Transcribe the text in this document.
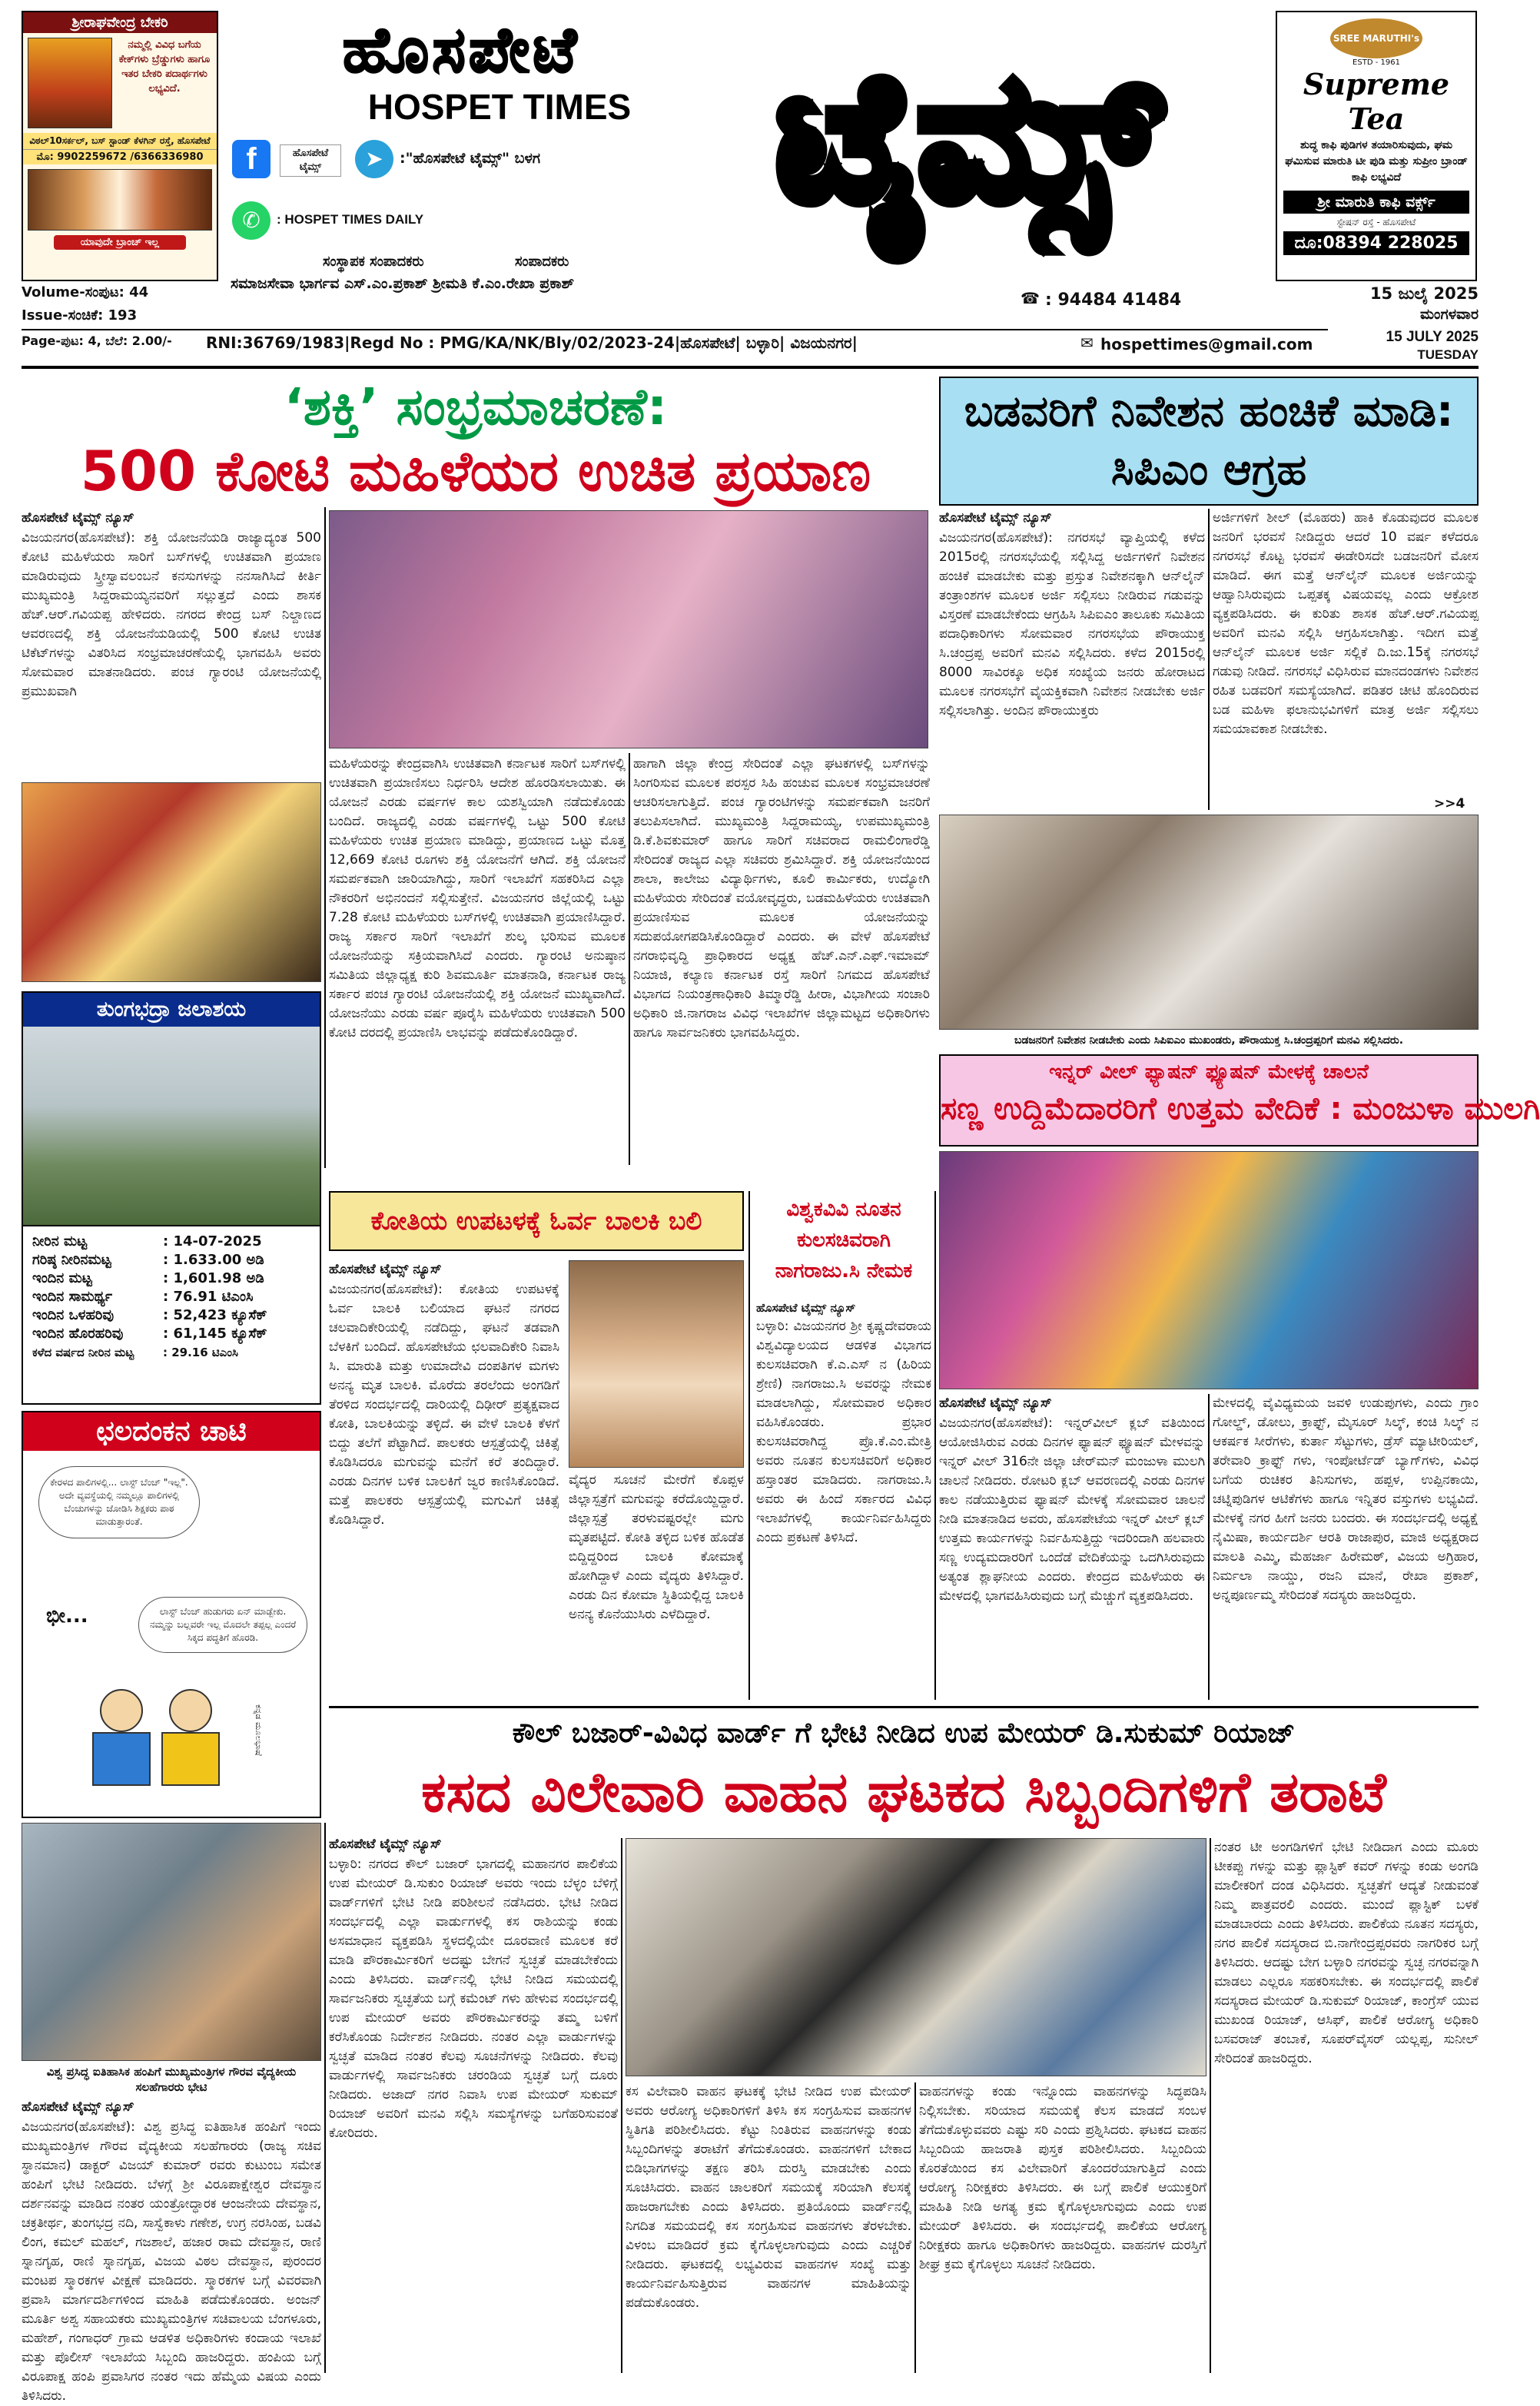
ಶ್ರೀರಾಘವೇಂದ್ರ ಬೇಕರಿ
ನಮ್ಮಲ್ಲಿ ವಿವಿಧ ಬಗೆಯ ಕೇಕ್‌ಗಳು ಬ್ರೆಡ್ಡುಗಳು ಹಾಗೂ ಇತರ ಬೇಕರಿ ಪದಾರ್ಥಗಳು ಲಭ್ಯವಿದೆ.
ವಿಠಲ್‌10ಸರ್ಕಲ್, ಬಸ್ ಸ್ಟಾಂಡ್ ಕೆಳಗಿನ್ ರಸ್ತೆ, ಹೊಸಪೇಟೆ
ಮೊ: 9902259672 /6366336980
ಯಾವುದೇ ಬ್ರಾಂಚ್ ಇಲ್ಲ
ಹೊಸಪೇಟೆ
HOSPET TIMES
f	ಹೊಸಪೇಟೆ ಟೈಮ್ಸ್	➤	:"ಹೊಸಪೇಟೆ ಟೈಮ್ಸ್" ಬಳಗ
✆	: HOSPET TIMES DAILY	ಟೈಮ್ಸ್	SREE MARUTHI's
ESTD - 1961
Supreme Tea
ಶುದ್ಧ ಕಾಫಿ ಪುಡಿಗಳ ತಯಾರಿಸುವುದು, ಘಮ ಘಮಿಸುವ ಮಾರುತಿ ಟೀ ಪುಡಿ ಮತ್ತು ಸುಪ್ರೀಂ ಬ್ರಾಂಡ್ ಕಾಫಿ ಲಭ್ಯವಿದೆ
ಶ್ರೀ ಮಾರುತಿ ಕಾಫಿ ವರ್ಕ್ಸ್
ಸ್ಟೇಷನ್ ರಸ್ತೆ - ಹೊಸಪೇಟೆ
ದೂ:08394 228025
ಸಂಸ್ಥಾಪಕ ಸಂಪಾದಕರು	ಸಂಪಾದಕರು
ಸಮಾಜಸೇವಾ ಭಾರ್ಗವ ಎಸ್.ಎಂ.ಪ್ರಕಾಶ್ ಶ್ರೀಮತಿ ಕೆ.ಎಂ.ರೇಖಾ ಪ್ರಕಾಶ್
☎ : 94484 41484
Volume-ಸಂಪುಟ: 44
Issue-ಸಂಚಿಕೆ: 193
15 ಜುಲೈ 2025
ಮಂಗಳವಾರ
Page-ಪುಟ: 4, ಬೆಲೆ: 2.00/- RNI:36769/1983|Regd No : PMG/KA/NK/Bly/02/2023-24|ಹೊಸಪೇಟೆ| ಬಳ್ಳಾರಿ| ವಿಜಯನಗರ|	✉ hospettimes@gmail.com	15 JULY 2025
TUESDAY
‘ಶಕ್ತಿ’ ಸಂಭ್ರಮಾಚರಣೆ:
500 ಕೋಟಿ ಮಹಿಳೆಯರ ಉಚಿತ ಪ್ರಯಾಣ
ಹೊಸಪೇಟೆ ಟೈಮ್ಸ್ ನ್ಯೂಸ್
ವಿಜಯನಗರ(ಹೊಸಪೇಟೆ): ಶಕ್ತಿ ಯೋಜನೆಯಡಿ ರಾಜ್ಯಾದ್ಯಂತ 500 ಕೋಟಿ ಮಹಿಳೆಯರು ಸಾರಿಗೆ ಬಸ್‌ಗಳಲ್ಲಿ ಉಚಿತವಾಗಿ ಪ್ರಯಾಣ ಮಾಡಿರುವುದು ಸ್ತ್ರೀಸ್ವಾವಲಂಬನೆ ಕನಸುಗಳನ್ನು ನನಸಾಗಿಸಿದೆ ಕೀರ್ತಿ ಮುಖ್ಯಮಂತ್ರಿ ಸಿದ್ದರಾಮಯ್ಯನವರಿಗೆ ಸಲ್ಲುತ್ತದೆ ಎಂದು ಶಾಸಕ ಹೆಚ್.ಆರ್.ಗವಿಯಪ್ಪ ಹೇಳಿದರು. ನಗರದ ಕೇಂದ್ರ ಬಸ್ ನಿಲ್ದಾಣದ ಆವರಣದಲ್ಲಿ ಶಕ್ತಿ ಯೋಜನೆಯಡಿಯಲ್ಲಿ 500 ಕೋಟಿ ಉಚಿತ ಟಿಕೆಟ್‌ಗಳನ್ನು ವಿತರಿಸಿದ ಸಂಭ್ರಮಾಚರಣೆಯಲ್ಲಿ ಭಾಗವಹಿಸಿ ಅವರು ಸೋಮವಾರ ಮಾತನಾಡಿದರು. ಪಂಚ ಗ್ಯಾರಂಟಿ ಯೋಜನೆಯಲ್ಲಿ ಪ್ರಮುಖವಾಗಿ
ಮಹಿಳೆಯರನ್ನು ಕೇಂದ್ರವಾಗಿಸಿ ಉಚಿತವಾಗಿ ಕರ್ನಾಟಕ ಸಾರಿಗೆ ಬಸ್‌ಗಳಲ್ಲಿ ಉಚಿತವಾಗಿ ಪ್ರಯಾಣಿಸಲು ನಿರ್ಧರಿಸಿ ಆದೇಶ ಹೊರಡಿಸಲಾಯಿತು. ಈ ಯೋಜನೆ ಎರಡು ವರ್ಷಗಳ ಕಾಲ ಯಶಸ್ವಿಯಾಗಿ ನಡೆದುಕೊಂಡು ಬಂದಿದೆ. ರಾಜ್ಯದಲ್ಲಿ ಎರಡು ವರ್ಷಗಳಲ್ಲಿ ಒಟ್ಟು 500 ಕೋಟಿ ಮಹಿಳೆಯರು ಉಚಿತ ಪ್ರಯಾಣ ಮಾಡಿದ್ದು, ಪ್ರಯಾಣದ ಒಟ್ಟು ಮೊತ್ತ 12,669 ಕೋಟಿ ರೂಗಳು ಶಕ್ತಿ ಯೋಜನೆಗೆ ಆಗಿದೆ. ಶಕ್ತಿ ಯೋಜನೆ ಸಮರ್ಪಕವಾಗಿ ಜಾರಿಯಾಗಿದ್ದು, ಸಾರಿಗೆ ಇಲಾಖೆಗೆ ಸಹಕರಿಸಿದ ಎಲ್ಲಾ ನೌಕರರಿಗೆ ಅಭಿನಂದನೆ ಸಲ್ಲಿಸುತ್ತೇನೆ. ವಿಜಯನಗರ ಜಿಲ್ಲೆಯಲ್ಲಿ ಒಟ್ಟು 7.28 ಕೋಟಿ ಮಹಿಳೆಯರು ಬಸ್‌ಗಳಲ್ಲಿ ಉಚಿತವಾಗಿ ಪ್ರಯಾಣಿಸಿದ್ದಾರೆ. ರಾಜ್ಯ ಸರ್ಕಾರ ಸಾರಿಗೆ ಇಲಾಖೆಗೆ ಶುಲ್ಕ ಭರಿಸುವ ಮೂಲಕ ಯೋಜನೆಯನ್ನು ಸಕ್ರಿಯವಾಗಿಸಿದೆ ಎಂದರು. ಗ್ಯಾರಂಟಿ ಅನುಷ್ಠಾನ ಸಮಿತಿಯ ಜಿಲ್ಲಾಧ್ಯಕ್ಷ ಕುರಿ ಶಿವಮೂರ್ತಿ ಮಾತನಾಡಿ, ಕರ್ನಾಟಕ ರಾಜ್ಯ ಸರ್ಕಾರ ಪಂಚ ಗ್ಯಾರಂಟಿ ಯೋಜನೆಯಲ್ಲಿ ಶಕ್ತಿ ಯೋಜನೆ ಮುಖ್ಯವಾಗಿದೆ. ಯೋಜನೆಯು ಎರಡು ವರ್ಷ ಪೂರೈಸಿ ಮಹಿಳೆಯರು ಉಚಿತವಾಗಿ 500 ಕೋಟಿ ದರದಲ್ಲಿ ಪ್ರಯಾಣಿಸಿ ಲಾಭವನ್ನು ಪಡೆದುಕೊಂಡಿದ್ದಾರೆ.
ಹಾಗಾಗಿ ಜಿಲ್ಲಾ ಕೇಂದ್ರ ಸೇರಿದಂತೆ ಎಲ್ಲಾ ಘಟಕಗಳಲ್ಲಿ ಬಸ್‌ಗಳನ್ನು ಸಿಂಗರಿಸುವ ಮೂಲಕ ಪರಸ್ಪರ ಸಿಹಿ ಹಂಚುವ ಮೂಲಕ ಸಂಭ್ರಮಾಚರಣೆ ಆಚರಿಸಲಾಗುತ್ತಿದೆ. ಪಂಚ ಗ್ಯಾರಂಟಿಗಳನ್ನು ಸಮರ್ಪಕವಾಗಿ ಜನರಿಗೆ ತಲುಪಿಸಲಾಗಿದೆ. ಮುಖ್ಯಮಂತ್ರಿ ಸಿದ್ದರಾಮಯ್ಯ, ಉಪಮುಖ್ಯಮಂತ್ರಿ ಡಿ.ಕೆ.ಶಿವಕುಮಾರ್ ಹಾಗೂ ಸಾರಿಗೆ ಸಚಿವರಾದ ರಾಮಲಿಂಗಾರೆಡ್ಡಿ ಸೇರಿದಂತೆ ರಾಜ್ಯದ ಎಲ್ಲಾ ಸಚಿವರು ಶ್ರಮಿಸಿದ್ದಾರೆ. ಶಕ್ತಿ ಯೋಜನೆಯಿಂದ ಶಾಲಾ, ಕಾಲೇಜು ವಿದ್ಯಾರ್ಥಿಗಳು, ಕೂಲಿ ಕಾರ್ಮಿಕರು, ಉದ್ಯೋಗಿ ಮಹಿಳೆಯರು ಸೇರಿದಂತೆ ವಯೋವೃದ್ಧರು, ಬಡಮಹಿಳೆಯರು ಉಚಿತವಾಗಿ ಪ್ರಯಾಣಿಸುವ ಮೂಲಕ ಯೋಜನೆಯನ್ನು ಸದುಪಯೋಗಪಡಿಸಿಕೊಂಡಿದ್ದಾರೆ ಎಂದರು. ಈ ವೇಳೆ ಹೊಸಪೇಟೆ ನಗರಾಭಿವೃದ್ಧಿ ಪ್ರಾಧಿಕಾರದ ಅಧ್ಯಕ್ಷ ಹೆಚ್.ಎನ್.ಎಫ್.ಇಮಾಮ್ ನಿಯಾಜಿ, ಕಲ್ಯಾಣ ಕರ್ನಾಟಕ ರಸ್ತೆ ಸಾರಿಗೆ ನಿಗಮದ ಹೊಸಪೇಟೆ ವಿಭಾಗದ ನಿಯಂತ್ರಣಾಧಿಕಾರಿ ತಿಮ್ಮಾರೆಡ್ಡಿ ಹೀರಾ, ವಿಭಾಗೀಯ ಸಂಚಾರಿ ಅಧಿಕಾರಿ ಜಿ.ನಾಗರಾಜ ವಿವಿಧ ಇಲಾಖೆಗಳ ಜಿಲ್ಲಾಮಟ್ಟದ ಅಧಿಕಾರಿಗಳು ಹಾಗೂ ಸಾರ್ವಜನಿಕರು ಭಾಗವಹಿಸಿದ್ದರು.
ತುಂಗಭದ್ರಾ ಜಲಾಶಯ
ನೀರಿನ ಮಟ್ಟ	: 14-07-2025
ಗರಿಷ್ಠ ನೀರಿನಮಟ್ಟ	: 1.633.00 ಅಡಿ
ಇಂದಿನ ಮಟ್ಟ	: 1,601.98 ಅಡಿ
ಇಂದಿನ ಸಾಮರ್ಥ್ಯ	: 76.91 ಟಿಎಂಸಿ
ಇಂದಿನ ಒಳಹರಿವು	: 52,423 ಕ್ಯೂಸೆಕ್
ಇಂದಿನ ಹೊರಹರಿವು	: 61,145 ಕ್ಯೂಸೆಕ್
ಕಳೆದ ವರ್ಷದ ನೀರಿನ ಮಟ್ಟ	: 29.16 ಟಿಎಂಸಿ
ಛಲದಂಕನ ಚಾಟಿ
ಕೇರಳದ ಪಾಲಿಗಳಲ್ಲಿ... ಲಾಸ್ಟ್ ಬೆಂಚ್ "ಇಲ್ಲ". ಅದೇ ವ್ಯವಸ್ಥೆಯಲ್ಲಿ ನಮ್ಮಲ್ಲೂ ಪಾಲಿಗಳಲ್ಲಿ ಬೆಂಚುಗಳನ್ನು ಜೋಡಿಸಿ ಶಿಕ್ಷಕರು ಪಾಠ ಮಾಡುತ್ತಾರಂತೆ.
ಭೀ...	ಲಾಸ್ಟ್ ಬೆಂಚ್ ಹುಡುಗರು ಏನ್ ಮಾಡ್ಬೇಕು. ನಮ್ಮನ್ನು ಬಲ್ಲವರೇ ಇಲ್ಲ ಮೊದಲೇ ತಪ್ಪಲ್ಲ ಎಂದರೆ ಸಿಕ್ಕದ ಪದ್ಧತಿಗೆ ಹೊರಡಿ.
ಕನ್ನಡ ಮೂಲಭಾಷೆ
ವಿಶ್ವ ಪ್ರಸಿದ್ಧ ಐತಿಹಾಸಿಕ ಹಂಪಿಗೆ ಮುಖ್ಯಮಂತ್ರಿಗಳ ಗೌರವ ವೈದ್ಯಕೀಯ ಸಲಹೆಗಾರರು ಭೇಟಿ
ಹೊಸಪೇಟೆ ಟೈಮ್ಸ್ ನ್ಯೂಸ್
ವಿಜಯನಗರ(ಹೊಸಪೇಟೆ): ವಿಶ್ವ ಪ್ರಸಿದ್ಧ ಐತಿಹಾಸಿಕ ಹಂಪಿಗೆ ಇಂದು ಮುಖ್ಯಮಂತ್ರಿಗಳ ಗೌರವ ವೈದ್ಯಕೀಯ ಸಲಹೆಗಾರರು (ರಾಜ್ಯ ಸಚಿವ ಸ್ಥಾನಮಾನ) ಡಾಕ್ಟರ್ ವಿಜಯ್ ಕುಮಾರ್ ರವರು ಕುಟುಂಬ ಸಮೇತ ಹಂಪಿಗೆ ಭೇಟಿ ನೀಡಿದರು. ಬೆಳಗ್ಗೆ ಶ್ರೀ ವಿರೂಪಾಕ್ಷೇಶ್ವರ ದೇವಸ್ಥಾನ ದರ್ಶನವನ್ನು ಮಾಡಿದ ನಂತರ ಯಂತ್ರೋದ್ಧಾರಕ ಆಂಜನೇಯ ದೇವಸ್ಥಾನ, ಚಕ್ರತೀರ್ಥ, ತುಂಗಭದ್ರ ನದಿ, ಸಾಸ್ವೆಕಾಳು ಗಣೇಶ, ಉಗ್ರ ನರಸಿಂಹ, ಬಡವಿ ಲಿಂಗ, ಕಮಲ್ ಮಹಲ್, ಗಜಶಾಲೆ, ಹಜಾರ ರಾಮ ದೇವಸ್ಥಾನ, ರಾಣಿ ಸ್ನಾನಗೃಹ, ರಾಣಿ ಸ್ನಾನಗೃಹ, ವಿಜಯ ವಿಠಲ ದೇವಸ್ಥಾನ, ಪುರಂದರ ಮಂಟಪ ಸ್ಮಾರಕಗಳ ವೀಕ್ಷಣೆ ಮಾಡಿದರು. ಸ್ಮಾರಕಗಳ ಬಗ್ಗೆ ವಿವರವಾಗಿ ಪ್ರವಾಸಿ ಮಾರ್ಗದರ್ಶಿಗಳಿಂದ ಮಾಹಿತಿ ಪಡೆದುಕೊಂಡರು. ಅಂಜನ್ ಮೂರ್ತಿ ಅಶ್ವ ಸಹಾಯಕರು ಮುಖ್ಯಮಂತ್ರಿಗಳ ಸಚಿವಾಲಯ ಬೆಂಗಳೂರು, ಮಹೇಶ್, ಗಂಗಾಧರ್ ಗ್ರಾಮ ಆಡಳಿತ ಅಧಿಕಾರಿಗಳು ಕಂದಾಯ ಇಲಾಖೆ ಮತ್ತು ಪೊಲೀಸ್ ಇಲಾಖೆಯ ಸಿಬ್ಬಂದಿ ಹಾಜರಿದ್ದರು. ಹಂಪಿಯ ಬಗ್ಗೆ ವಿರೂಪಾಕ್ಷ ಹಂಪಿ ಪ್ರವಾಸಿಗರ ನಂತರ ಇದು ಹೆಮ್ಮೆಯ ವಿಷಯ ಎಂದು ತಿಳಿಸಿದರು.
ಬಡವರಿಗೆ ನಿವೇಶನ ಹಂಚಿಕೆ ಮಾಡಿ: ಸಿಪಿಎಂ ಆಗ್ರಹ
ಹೊಸಪೇಟೆ ಟೈಮ್ಸ್ ನ್ಯೂಸ್
ವಿಜಯನಗರ(ಹೊಸಪೇಟೆ): ನಗರಸಭೆ ವ್ಯಾಪ್ತಿಯಲ್ಲಿ ಕಳೆದ 2015ರಲ್ಲಿ ನಗರಸಭೆಯಲ್ಲಿ ಸಲ್ಲಿಸಿದ್ದ ಅರ್ಜಿಗಳಿಗೆ ನಿವೇಶನ ಹಂಚಿಕೆ ಮಾಡಬೇಕು ಮತ್ತು ಪ್ರಸ್ತುತ ನಿವೇಶನಕ್ಕಾಗಿ ಆನ್‌ಲೈನ್ ತಂತ್ರಾಂಶಗಳ ಮೂಲಕ ಅರ್ಜಿ ಸಲ್ಲಿಸಲು ನೀಡಿರುವ ಗಡುವನ್ನು ವಿಸ್ತರಣೆ ಮಾಡಬೇಕೆಂದು ಆಗ್ರಹಿಸಿ ಸಿಪಿಐಎಂ ತಾಲೂಕು ಸಮಿತಿಯ ಪದಾಧಿಕಾರಿಗಳು ಸೋಮವಾರ ನಗರಸಭೆಯ ಪೌರಾಯುಕ್ತ ಸಿ.ಚಂದ್ರಪ್ಪ ಅವರಿಗೆ ಮನವಿ ಸಲ್ಲಿಸಿದರು. ಕಳೆದ 2015ರಲ್ಲಿ 8000 ಸಾವಿರಕ್ಕೂ ಅಧಿಕ ಸಂಖ್ಯೆಯ ಜನರು ಹೋರಾಟದ ಮೂಲಕ ನಗರಸಭೆಗೆ ವೈಯಕ್ತಿಕವಾಗಿ ನಿವೇಶನ ನೀಡಬೇಕು ಅರ್ಜಿ ಸಲ್ಲಿಸಲಾಗಿತ್ತು. ಅಂದಿನ ಪೌರಾಯುಕ್ತರು
ಅರ್ಜಿಗಳಿಗೆ ಶೀಲ್ (ಮೊಹರು) ಹಾಕಿ ಕೊಡುವುದರ ಮೂಲಕ ಜನರಿಗೆ ಭರವಸೆ ನೀಡಿದ್ದರು ಆದರೆ 10 ವರ್ಷ ಕಳೆದರೂ ನಗರಸಭೆ ಕೊಟ್ಟ ಭರವಸೆ ಈಡೇರಿಸದೇ ಬಡಜನರಿಗೆ ಮೋಸ ಮಾಡಿದೆ. ಈಗ ಮತ್ತೆ ಆನ್‌ಲೈನ್ ಮೂಲಕ ಅರ್ಜಿಯನ್ನು ಆಹ್ವಾನಿಸಿರುವುದು ಒಪ್ಪತಕ್ಕ ವಿಷಯವಲ್ಲ ಎಂದು ಆಕ್ರೋಶ ವ್ಯಕ್ತಪಡಿಸಿದರು. ಈ ಕುರಿತು ಶಾಸಕ ಹೆಚ್.ಆರ್.ಗವಿಯಪ್ಪ ಅವರಿಗೆ ಮನವಿ ಸಲ್ಲಿಸಿ ಆಗ್ರಹಿಸಲಾಗಿತ್ತು. ಇದೀಗ ಮತ್ತೆ ಆನ್‌ಲೈನ್ ಮೂಲಕ ಅರ್ಜಿ ಸಲ್ಲಿಕೆ ದಿ.ಜು.15ಕ್ಕೆ ನಗರಸಭೆ ಗಡುವು ನೀಡಿದೆ. ನಗರಸಭೆ ವಿಧಿಸಿರುವ ಮಾನದಂಡಗಳು ನಿವೇಶನ ರಹಿತ ಬಡವರಿಗೆ ಸಮಸ್ಯೆಯಾಗಿದೆ. ಪಡಿತರ ಚೀಟಿ ಹೊಂದಿರುವ ಬಡ ಮಹಿಳಾ ಫಲಾನುಭವಿಗಳಿಗೆ ಮಾತ್ರ ಅರ್ಜಿ ಸಲ್ಲಿಸಲು ಸಮಯಾವಕಾಶ ನೀಡಬೇಕು.
>>4
ಬಡಜನರಿಗೆ ನಿವೇಶನ ನೀಡಬೇಕು ಎಂದು ಸಿಪಿಐಎಂ ಮುಖಂಡರು, ಪೌರಾಯುಕ್ತ ಸಿ.ಚಂದ್ರಪ್ಪರಿಗೆ ಮನವಿ ಸಲ್ಲಿಸಿದರು.
ಇನ್ನರ್ ವೀಲ್ ಫ್ಯಾಷನ್ ಫ್ಯೂಷನ್ ಮೇಳಕ್ಕೆ ಚಾಲನೆ
ಸಣ್ಣ ಉದ್ದಿಮೆದಾರರಿಗೆ ಉತ್ತಮ ವೇದಿಕೆ : ಮಂಜುಳಾ ಮುಲಗಿ
ಹೊಸಪೇಟೆ ಟೈಮ್ಸ್ ನ್ಯೂಸ್
ವಿಜಯನಗರ(ಹೊಸಪೇಟೆ): ಇನ್ನರ್‌ವೀಲ್ ಕ್ಲಬ್ ವತಿಯಿಂದ ಆಯೋಜಿಸಿರುವ ಎರಡು ದಿನಗಳ ಫ್ಯಾಷನ್ ಫ್ಯೂಷನ್ ಮೇಳವನ್ನು ಇನ್ನರ್ ವೀಲ್ 316ನೇ ಜಿಲ್ಲಾ ಚೇರ್‌ಮನ್ ಮಂಜುಳಾ ಮುಲಗಿ ಚಾಲನೆ ನೀಡಿದರು. ರೋಟರಿ ಕ್ಲಬ್ ಆವರಣದಲ್ಲಿ ಎರಡು ದಿನಗಳ ಕಾಲ ನಡೆಯುತ್ತಿರುವ ಫ್ಯಾಷನ್ ಮೇಳಕ್ಕೆ ಸೋಮವಾರ ಚಾಲನೆ ನೀಡಿ ಮಾತನಾಡಿದ ಅವರು, ಹೊಸಪೇಟೆಯ ಇನ್ನರ್ ವೀಲ್ ಕ್ಲಬ್ ಉತ್ತಮ ಕಾರ್ಯಗಳನ್ನು ನಿರ್ವಹಿಸುತ್ತಿದ್ದು ಇದರಿಂದಾಗಿ ಹಲವಾರು ಸಣ್ಣ ಉದ್ಯಮದಾರರಿಗೆ ಒಂದೆಡೆ ವೇದಿಕೆಯನ್ನು ಒದಗಿಸಿರುವುದು ಅತ್ಯಂತ ಶ್ಲಾಘನೀಯ ಎಂದರು. ಕೇಂದ್ರದ ಮಹಿಳೆಯರು ಈ ಮೇಳದಲ್ಲಿ ಭಾಗವಹಿಸಿರುವುದು ಬಗ್ಗೆ ಮೆಚ್ಚುಗೆ ವ್ಯಕ್ತಪಡಿಸಿದರು.
ಮೇಳದಲ್ಲಿ ವೈವಿಧ್ಯಮಯ ಜವಳಿ ಉಡುಪುಗಳು, ಎಂದು ಗ್ರಾಂ ಗೋಲ್ಡ್, ಡೋಲು, ಕ್ರಾಫ್ಟ್, ಮೈಸೂರ್ ಸಿಲ್ಕ್, ಕಂಚಿ ಸಿಲ್ಕ್ ನ ಆಕರ್ಷಕ ಸೀರೆಗಳು, ಕುರ್ತಾ ಸೆಟ್ಟುಗಳು, ಡ್ರೆಸ್ ಮ್ಯಾಟೀರಿಯಲ್, ತರೇವಾರಿ ಕ್ರಾಫ್ಟ್ ಗಳು, ಇಂಪೋರ್ಟೆಡ್ ಬ್ಯಾಗ್‌ಗಳು, ವಿವಿಧ ಬಗೆಯ ರುಚಿಕರ ತಿನಿಸುಗಳು, ಹಪ್ಪಳ, ಉಪ್ಪಿನಕಾಯಿ, ಚಟ್ನಿಪುಡಿಗಳ ಆಟಿಕೆಗಳು ಹಾಗೂ ಇನ್ನಿತರ ವಸ್ತುಗಳು ಲಭ್ಯವಿದೆ. ಮೇಳಕ್ಕೆ ನಗರ ಹೀಗೆ ಜನರು ಬಂದರು. ಈ ಸಂದರ್ಭದಲ್ಲಿ ಅಧ್ಯಕ್ಷೆ ನೈಮಿಷಾ, ಕಾರ್ಯದರ್ಶಿ ಆರತಿ ರಾಜಾಪುರ, ಮಾಜಿ ಅಧ್ಯಕ್ಷರಾದ ಮಾಲತಿ ಎಮ್ಮಿ, ಮೆಹರ್ಜಾ ಹಿರೇಮಠ್, ವಿಜಯ ಅಗ್ರಿಹಾರ, ನಿರ್ಮಲಾ ನಾಯ್ಡು, ರಜನಿ ಮಾನೆ, ರೇಖಾ ಪ್ರಕಾಶ್, ಅನ್ನಪೂರ್ಣಮ್ಮ ಸೇರಿದಂತೆ ಸದಸ್ಯರು ಹಾಜರಿದ್ದರು.
ಕೋತಿಯ ಉಪಟಳಕ್ಕೆ ಓರ್ವ ಬಾಲಕಿ ಬಲಿ
ಹೊಸಪೇಟೆ ಟೈಮ್ಸ್ ನ್ಯೂಸ್
ವಿಜಯನಗರ(ಹೊಸಪೇಟೆ): ಕೋತಿಯ ಉಪಟಳಕ್ಕೆ ಓರ್ವ ಬಾಲಕಿ ಬಲಿಯಾದ ಘಟನೆ ನಗರದ ಚಲವಾದಿಕೇರಿಯಲ್ಲಿ ನಡೆದಿದ್ದು, ಘಟನೆ ತಡವಾಗಿ ಬೆಳಕಿಗೆ ಬಂದಿದೆ. ಹೊಸಪೇಟೆಯ ಛಲವಾದಿಕೇರಿ ನಿವಾಸಿ ಸಿ. ಮಾರುತಿ ಮತ್ತು ಉಮಾದೇವಿ ದಂಪತಿಗಳ ಮಗಳು ಅನನ್ಯ ಮೃತ ಬಾಲಕಿ. ಮೊರೆದು ತರಲೆಂದು ಅಂಗಡಿಗೆ ತೆರಳಿದ ಸಂದರ್ಭದಲ್ಲಿ ದಾರಿಯಲ್ಲಿ ದಿಢೀರ್ ಪ್ರತ್ಯಕ್ಷವಾದ ಕೋತಿ, ಬಾಲಕಿಯನ್ನು ತಳ್ಳಿದೆ. ಈ ವೇಳೆ ಬಾಲಕಿ ಕೆಳಗೆ ಬಿದ್ದು ತಲೆಗೆ ಪೆಟ್ಟಾಗಿದೆ. ಪಾಲಕರು ಆಸ್ಪತ್ರೆಯಲ್ಲಿ ಚಿಕಿತ್ಸೆ ಕೊಡಿಸಿದರೂ ಮಗುವನ್ನು ಮನೆಗೆ ಕರೆ ತಂದಿದ್ದಾರೆ. ಎರಡು ದಿನಗಳ ಬಳಿಕ ಬಾಲಕಿಗೆ ಜ್ವರ ಕಾಣಿಸಿಕೊಂಡಿದೆ. ಮತ್ತೆ ಪಾಲಕರು ಆಸ್ಪತ್ರೆಯಲ್ಲಿ ಮಗುವಿಗೆ ಚಿಕಿತ್ಸೆ ಕೊಡಿಸಿದ್ದಾರೆ.
ವೈದ್ಯರ ಸೂಚನೆ ಮೇರೆಗೆ ಕೊಪ್ಪಳ ಜಿಲ್ಲಾಸ್ಪತ್ರೆಗೆ ಮಗುವನ್ನು ಕರೆದೊಯ್ದಿದ್ದಾರೆ. ಜಿಲ್ಲಾಸ್ಪತ್ರೆ ತರಳುವಷ್ಟರಲ್ಲೇ ಮಗು ಮೃತಪಟ್ಟಿದೆ. ಕೋತಿ ತಳ್ಳಿದ ಬಳಿಕ ಹೊಡೆತ ಬಿದ್ದಿದ್ದರಿಂದ ಬಾಲಕಿ ಕೋಮಾಕ್ಕೆ ಹೋಗಿದ್ದಾಳೆ ಎಂದು ವೈದ್ಯರು ತಿಳಿಸಿದ್ದಾರೆ. ಎರಡು ದಿನ ಕೋಮಾ ಸ್ಥಿತಿಯಲ್ಲಿದ್ದ ಬಾಲಕಿ ಅನನ್ಯ ಕೊನೆಯುಸಿರು ಎಳೆದಿದ್ದಾರೆ.
ವಿಶ್ವಕವಿವಿ ನೂತನ ಕುಲಸಚಿವರಾಗಿ ನಾಗರಾಜು.ಸಿ ನೇಮಕ
ಹೊಸಪೇಟೆ ಟೈಮ್ಸ್ ನ್ಯೂಸ್
ಬಳ್ಳಾರಿ: ವಿಜಯನಗರ ಶ್ರೀ ಕೃಷ್ಣದೇವರಾಯ ವಿಶ್ವವಿದ್ಯಾಲಯದ ಆಡಳಿತ ವಿಭಾಗದ ಕುಲಸಚಿವರಾಗಿ ಕೆ.ಎ.ಎಸ್ ನ (ಹಿರಿಯ ಶ್ರೇಣಿ) ನಾಗರಾಜು.ಸಿ ಅವರನ್ನು ನೇಮಕ ಮಾಡಲಾಗಿದ್ದು, ಸೋಮವಾರ ಅಧಿಕಾರ ವಹಿಸಿಕೊಂಡರು. ಪ್ರಭಾರ ಕುಲಸಚಿವರಾಗಿದ್ದ ಪ್ರೊ.ಕೆ.ಎಂ.ಮೇತ್ರಿ ಅವರು ನೂತನ ಕುಲಸಚಿವರಿಗೆ ಅಧಿಕಾರ ಹಸ್ತಾಂತರ ಮಾಡಿದರು. ನಾಗರಾಜು.ಸಿ ಅವರು ಈ ಹಿಂದೆ ಸರ್ಕಾರದ ವಿವಿಧ ಇಲಾಖೆಗಳಲ್ಲಿ ಕಾರ್ಯನಿರ್ವಹಿಸಿದ್ದರು ಎಂದು ಪ್ರಕಟಣೆ ತಿಳಿಸಿದೆ.
ಕೌಲ್ ಬಜಾರ್-ವಿವಿಧ ವಾರ್ಡ್ ಗೆ ಭೇಟಿ ನೀಡಿದ ಉಪ ಮೇಯರ್ ಡಿ.ಸುಕುಮ್ ರಿಯಾಜ್
ಕಸದ ವಿಲೇವಾರಿ ವಾಹನ ಘಟಕದ ಸಿಬ್ಬಂದಿಗಳಿಗೆ ತರಾಟೆ
ಹೊಸಪೇಟೆ ಟೈಮ್ಸ್ ನ್ಯೂಸ್
ಬಳ್ಳಾರಿ: ನಗರದ ಕೌಲ್ ಬಜಾರ್ ಭಾಗದಲ್ಲಿ ಮಹಾನಗರ ಪಾಲಿಕೆಯ ಉಪ ಮೇಯರ್ ಡಿ.ಸುಕುಂ ರಿಯಾಜ್ ಅವರು ಇಂದು ಬೆಳ್ಳಂ ಬೆಳಿಗ್ಗೆ ವಾರ್ಡ್‌ಗಳಿಗೆ ಭೇಟಿ ನೀಡಿ ಪರಿಶೀಲನೆ ನಡೆಸಿದರು. ಭೇಟಿ ನೀಡಿದ ಸಂದರ್ಭದಲ್ಲಿ ಎಲ್ಲಾ ವಾರ್ಡುಗಳಲ್ಲಿ ಕಸ ರಾಶಿಯನ್ನು ಕಂಡು ಅಸಮಾಧಾನ ವ್ಯಕ್ತಪಡಿಸಿ ಸ್ಥಳದಲ್ಲಿಯೇ ದೂರವಾಣಿ ಮೂಲಕ ಕರೆ ಮಾಡಿ ಪೌರಕಾರ್ಮಿಕರಿಗೆ ಅದಷ್ಟು ಬೇಗನೆ ಸ್ವಚ್ಛತೆ ಮಾಡಬೇಕೆಂದು ಎಂದು ತಿಳಿಸಿದರು. ವಾರ್ಡ್‌ನಲ್ಲಿ ಭೇಟಿ ನೀಡಿದ ಸಮಯದಲ್ಲಿ ಸಾರ್ವಜನಿಕರು ಸ್ವಚ್ಛತೆಯ ಬಗ್ಗೆ ಕಮೆಂಟ್ ಗಳು ಹೇಳುವ ಸಂದರ್ಭದಲ್ಲಿ ಉಪ ಮೇಯರ್ ಅವರು ಪೌರಕಾರ್ಮಿಕರನ್ನು ತಮ್ಮ ಬಳಿಗೆ ಕರೆಸಿಕೊಂಡು ನಿರ್ದೇಶನ ನೀಡಿದರು. ನಂತರ ಎಲ್ಲಾ ವಾರ್ಡುಗಳನ್ನು ಸ್ವಚ್ಛತೆ ಮಾಡಿದ ನಂತರ ಕೆಲವು ಸೂಚನೆಗಳನ್ನು ನೀಡಿದರು. ಕೆಲವು ವಾರ್ಡುಗಳಲ್ಲಿ ಸಾರ್ವಜನಿಕರು ಚರಂಡಿಯ ಸ್ವಚ್ಛತೆ ಬಗ್ಗೆ ದೂರು ನೀಡಿದರು. ಅಜಾದ್ ನಗರ ನಿವಾಸಿ ಉಪ ಮೇಯರ್ ಸುಕುಮ್ ರಿಯಾಜ್ ಅವರಿಗೆ ಮನವಿ ಸಲ್ಲಿಸಿ ಸಮಸ್ಯೆಗಳನ್ನು ಬಗೆಹರಿಸುವಂತೆ ಕೋರಿದರು.
ಕಸ ವಿಲೇವಾರಿ ವಾಹನ ಘಟಕಕ್ಕೆ ಭೇಟಿ ನೀಡಿದ ಉಪ ಮೇಯರ್ ಅವರು ಆರೋಗ್ಯ ಅಧಿಕಾರಿಗಳಿಗೆ ತಿಳಿಸಿ ಕಸ ಸಂಗ್ರಹಿಸುವ ವಾಹನಗಳ ಸ್ಥಿತಿಗತಿ ಪರಿಶೀಲಿಸಿದರು. ಕೆಟ್ಟು ನಿಂತಿರುವ ವಾಹನಗಳನ್ನು ಕಂಡು ಸಿಬ್ಬಂದಿಗಳನ್ನು ತರಾಟೆಗೆ ತೆಗೆದುಕೊಂಡರು. ವಾಹನಗಳಿಗೆ ಬೇಕಾದ ಬಿಡಿಭಾಗಗಳನ್ನು ತಕ್ಷಣ ತರಿಸಿ ದುರಸ್ತಿ ಮಾಡಬೇಕು ಎಂದು ಸೂಚಿಸಿದರು. ವಾಹನ ಚಾಲಕರಿಗೆ ಸಮಯಕ್ಕೆ ಸರಿಯಾಗಿ ಕೆಲಸಕ್ಕೆ ಹಾಜರಾಗಬೇಕು ಎಂದು ತಿಳಿಸಿದರು. ಪ್ರತಿಯೊಂದು ವಾರ್ಡ್‌ನಲ್ಲಿ ನಿಗದಿತ ಸಮಯದಲ್ಲಿ ಕಸ ಸಂಗ್ರಹಿಸುವ ವಾಹನಗಳು ತೆರಳಬೇಕು. ವಿಳಂಬ ಮಾಡಿದರೆ ಕ್ರಮ ಕೈಗೊಳ್ಳಲಾಗುವುದು ಎಂದು ಎಚ್ಚರಿಕೆ ನೀಡಿದರು. ಘಟಕದಲ್ಲಿ ಲಭ್ಯವಿರುವ ವಾಹನಗಳ ಸಂಖ್ಯೆ ಮತ್ತು ಕಾರ್ಯನಿರ್ವಹಿಸುತ್ತಿರುವ ವಾಹನಗಳ ಮಾಹಿತಿಯನ್ನು ಪಡೆದುಕೊಂಡರು.
ವಾಹನಗಳನ್ನು ಕಂಡು ಇನ್ನೊಂದು ವಾಹನಗಳನ್ನು ಸಿದ್ಧಪಡಿಸಿ ನಿಲ್ಲಿಸಬೇಕು. ಸರಿಯಾದ ಸಮಯಕ್ಕೆ ಕೆಲಸ ಮಾಡದೆ ಸಂಬಳ ತೆಗೆದುಕೊಳ್ಳುವವರು ಎಷ್ಟು ಸರಿ ಎಂದು ಪ್ರಶ್ನಿಸಿದರು. ಘಟಕದ ವಾಹನ ಸಿಬ್ಬಂದಿಯ ಹಾಜರಾತಿ ಪುಸ್ತಕ ಪರಿಶೀಲಿಸಿದರು. ಸಿಬ್ಬಂದಿಯ ಕೊರತೆಯಿಂದ ಕಸ ವಿಲೇವಾರಿಗೆ ತೊಂದರೆಯಾಗುತ್ತಿದೆ ಎಂದು ಆರೋಗ್ಯ ನಿರೀಕ್ಷಕರು ತಿಳಿಸಿದರು. ಈ ಬಗ್ಗೆ ಪಾಲಿಕೆ ಆಯುಕ್ತರಿಗೆ ಮಾಹಿತಿ ನೀಡಿ ಅಗತ್ಯ ಕ್ರಮ ಕೈಗೊಳ್ಳಲಾಗುವುದು ಎಂದು ಉಪ ಮೇಯರ್ ತಿಳಿಸಿದರು. ಈ ಸಂದರ್ಭದಲ್ಲಿ ಪಾಲಿಕೆಯ ಆರೋಗ್ಯ ನಿರೀಕ್ಷಕರು ಹಾಗೂ ಅಧಿಕಾರಿಗಳು ಹಾಜರಿದ್ದರು. ವಾಹನಗಳ ದುರಸ್ತಿಗೆ ಶೀಘ್ರ ಕ್ರಮ ಕೈಗೊಳ್ಳಲು ಸೂಚನೆ ನೀಡಿದರು.
ನಂತರ ಟೀ ಅಂಗಡಿಗಳಿಗೆ ಭೇಟಿ ನೀಡಿದಾಗ ಎಂದು ಮೂರು ಟೀಕಪ್ಪು ಗಳನ್ನು ಮತ್ತು ಪ್ಲಾಸ್ಟಿಕ್ ಕವರ್ ಗಳನ್ನು ಕಂಡು ಅಂಗಡಿ ಮಾಲೀಕರಿಗೆ ದಂಡ ವಿಧಿಸಿದರು. ಸ್ವಚ್ಛತೆಗೆ ಆದ್ಯತೆ ನೀಡುವಂತೆ ನಿಮ್ಮ ಪಾತ್ರವರಲಿ ಎಂದರು. ಮುಂದೆ ಪ್ಲಾಸ್ಟಿಕ್ ಬಳಕೆ ಮಾಡಬಾರದು ಎಂದು ತಿಳಿಸಿದರು. ಪಾಲಿಕೆಯ ನೂತನ ಸದಸ್ಯರು, ನಗರ ಪಾಲಿಕೆ ಸದಸ್ಯರಾದ ಬಿ.ನಾಗೇಂದ್ರಪ್ಪರವರು ನಾಗರಿಕರ ಬಗ್ಗೆ ತಿಳಿಸಿದರು. ಆದಷ್ಟು ಬೇಗ ಬಳ್ಳಾರಿ ನಗರವನ್ನು ಸ್ವಚ್ಛ ನಗರವನ್ನಾಗಿ ಮಾಡಲು ಎಲ್ಲರೂ ಸಹಕರಿಸಬೇಕು. ಈ ಸಂದರ್ಭದಲ್ಲಿ ಪಾಲಿಕೆ ಸದಸ್ಯರಾದ ಮೇಯರ್ ಡಿ.ಸುಕುಮ್ ರಿಯಾಜ್, ಕಾಂಗ್ರೆಸ್ ಯುವ ಮುಖಂಡ ರಿಯಾಜ್, ಆಸಿಫ್, ಪಾಲಿಕೆ ಆರೋಗ್ಯ ಅಧಿಕಾರಿ ಬಸವರಾಜ್ ತಂಬಾಕೆ, ಸೂಪರ್‌ವೈಸರ್ ಯಲ್ಲಪ್ಪ, ಸುನೀಲ್ ಸೇರಿದಂತೆ ಹಾಜರಿದ್ದರು.
